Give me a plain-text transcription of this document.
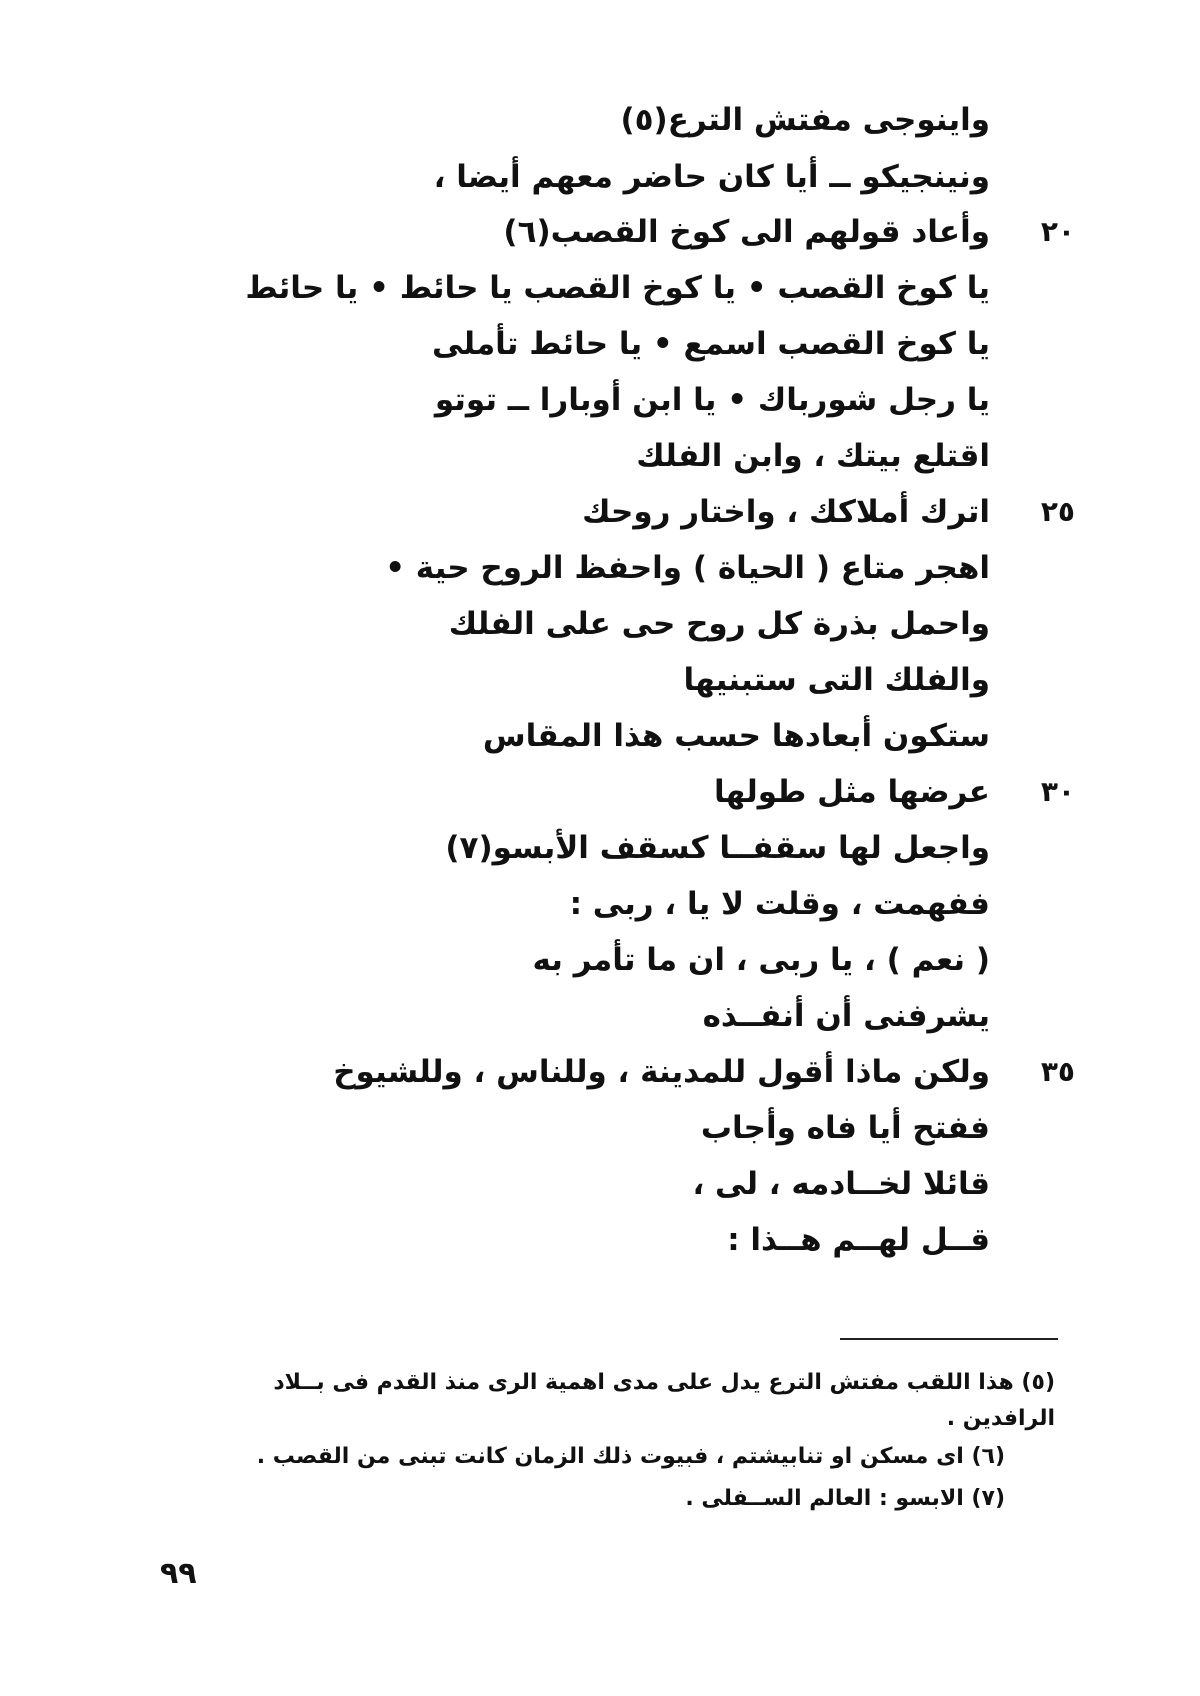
واينوجى مفتش الترع(٥)
ونينجيكو ــ أيا كان حاضر معهم أيضا ،
٢٠
وأعاد قولهم الى كوخ القصب(٦)
يا كوخ القصب • يا كوخ القصب يا حائط • يا حائط
يا كوخ القصب اسمع • يا حائط تأملى
يا رجل شورباك • يا ابن أوبارا ــ توتو
اقتلع بيتك ، وابن الفلك
٢٥
اترك أملاكك ، واختار روحك
اهجر متاع ( الحياة ) واحفظ الروح حية •
واحمل بذرة كل روح حى على الفلك
والفلك التى ستبنيها
ستكون أبعادها حسب هذا المقاس
٣٠
عرضها مثل طولها
واجعل لها سقفــا كسقف الأبسو(٧)
ففهمت ، وقلت لا يا ، ربى :
( نعم ) ، يا ربى ، ان ما تأمر به
يشرفنى أن أنفــذه
٣٥
ولكن ماذا أقول للمدينة ، وللناس ، وللشيوخ
ففتح أيا فاه وأجاب
قائلا لخــادمه ، لى ،
قــل لهــم هــذا :
(٥) هذا اللقب مفتش الترع يدل على مدى اهمية الرى منذ القدم فى بــلاد
الرافدين .
(٦) اى مسكن او تنابيشتم ، فبيوت ذلك الزمان كانت تبنى من القصب .
(٧) الابسو : العالم الســفلى .
٩٩
